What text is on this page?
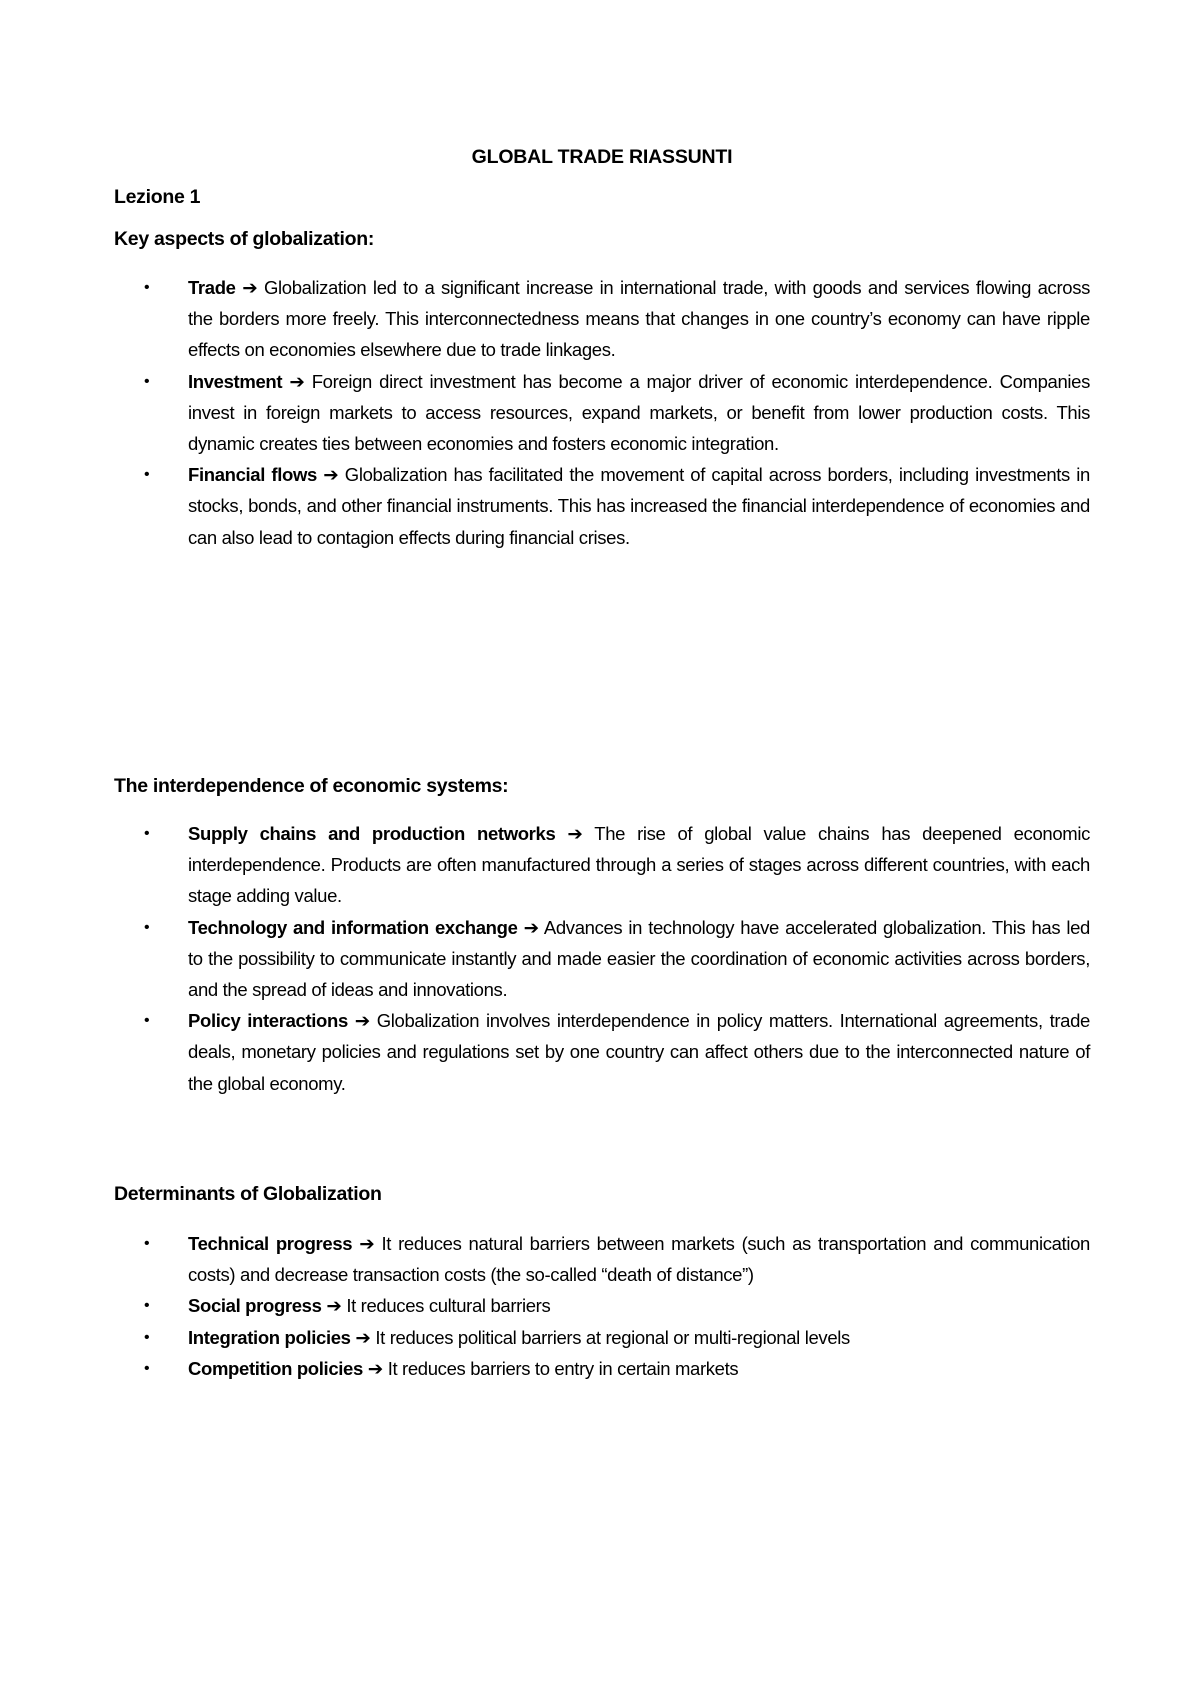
GLOBAL TRADE RIASSUNTI
Lezione 1
Key aspects of globalization:
• Trade ➔ Globalization led to a significant increase in international trade, with goods and services flowing across the borders more freely. This interconnectedness means that changes in one country’s economy can have ripple effects on economies elsewhere due to trade linkages.
• Investment ➔ Foreign direct investment has become a major driver of economic interdependence. Companies invest in foreign markets to access resources, expand markets, or benefit from lower production costs. This dynamic creates ties between economies and fosters economic integration.
• Financial flows ➔ Globalization has facilitated the movement of capital across borders, including investments in stocks, bonds, and other financial instruments. This has increased the financial interdependence of economies and can also lead to contagion effects during financial crises.
The interdependence of economic systems:
• Supply chains and production networks ➔ The rise of global value chains has deepened economic interdependence. Products are often manufactured through a series of stages across different countries, with each stage adding value.
• Technology and information exchange ➔ Advances in technology have accelerated globalization. This has led to the possibility to communicate instantly and made easier the coordination of economic activities across borders, and the spread of ideas and innovations.
• Policy interactions ➔ Globalization involves interdependence in policy matters. International agreements, trade deals, monetary policies and regulations set by one country can affect others due to the interconnected nature of the global economy.
Determinants of Globalization
• Technical progress ➔ It reduces natural barriers between markets (such as transportation and communication costs) and decrease transaction costs (the so-called “death of distance”)
• Social progress ➔ It reduces cultural barriers
• Integration policies ➔ It reduces political barriers at regional or multi-regional levels
• Competition policies ➔ It reduces barriers to entry in certain markets
